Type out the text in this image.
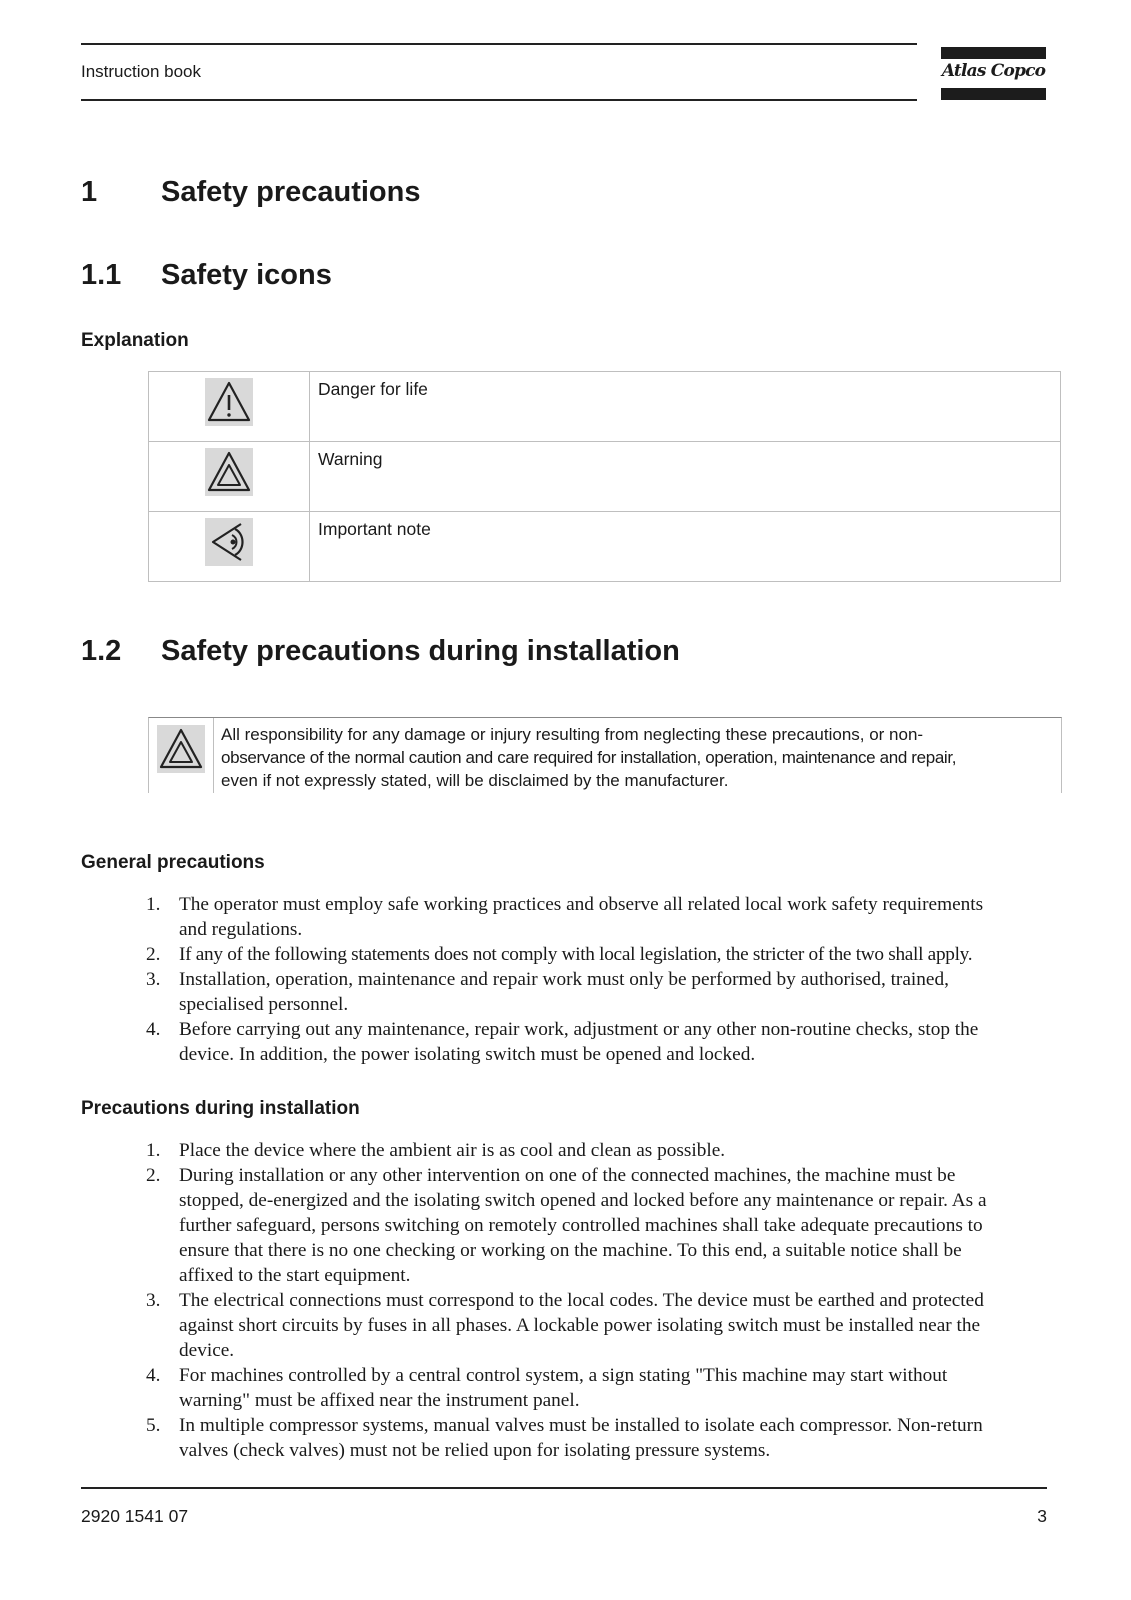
Instruction book	Atlas Copco
1 Safety precautions
1.1 Safety icons
Explanation
	Danger for life

	Warning

	Important note
1.2 Safety precautions during installation
All responsibility for any damage or injury resulting from neglecting these precautions, or non-
observance of the normal caution and care required for installation, operation, maintenance and repair,
even if not expressly stated, will be disclaimed by the manufacturer.
General precautions
1. The operator must employ safe working practices and observe all related local work safety requirements
and regulations.
2. If any of the following statements does not comply with local legislation, the stricter of the two shall apply.
3. Installation, operation, maintenance and repair work must only be performed by authorised, trained,
specialised personnel.
4. Before carrying out any maintenance, repair work, adjustment or any other non-routine checks, stop the
device. In addition, the power isolating switch must be opened and locked.
Precautions during installation
1. Place the device where the ambient air is as cool and clean as possible.
2. During installation or any other intervention on one of the connected machines, the machine must be
stopped, de-energized and the isolating switch opened and locked before any maintenance or repair. As a
further safeguard, persons switching on remotely controlled machines shall take adequate precautions to
ensure that there is no one checking or working on the machine. To this end, a suitable notice shall be
affixed to the start equipment.
3. The electrical connections must correspond to the local codes. The device must be earthed and protected
against short circuits by fuses in all phases. A lockable power isolating switch must be installed near the
device.
4. For machines controlled by a central control system, a sign stating "This machine may start without
warning" must be affixed near the instrument panel.
5. In multiple compressor systems, manual valves must be installed to isolate each compressor. Non-return
valves (check valves) must not be relied upon for isolating pressure systems.
2920 1541 07	3
